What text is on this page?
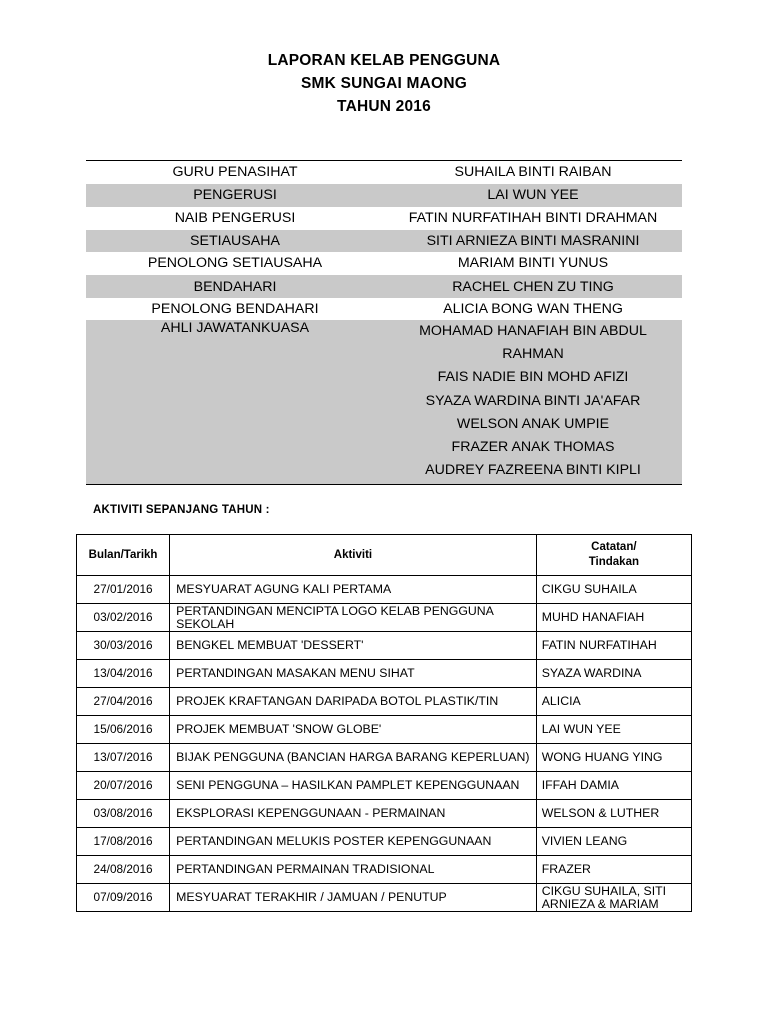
LAPORAN KELAB PENGGUNA
SMK SUNGAI MAONG
TAHUN 2016
GURU PENASIHAT	SUHAILA BINTI RAIBAN
PENGERUSI	LAI WUN YEE
NAIB PENGERUSI	FATIN NURFATIHAH BINTI DRAHMAN
SETIAUSAHA	SITI ARNIEZA BINTI MASRANINI
PENOLONG SETIAUSAHA	MARIAM BINTI YUNUS
BENDAHARI	RACHEL CHEN ZU TING
PENOLONG BENDAHARI	ALICIA BONG WAN THENG
AHLI JAWATANKUASA	MOHAMAD HANAFIAH BIN ABDUL
RAHMAN
FAIS NADIE BIN MOHD AFIZI
SYAZA WARDINA BINTI JA'AFAR
WELSON ANAK UMPIE
FRAZER ANAK THOMAS
AUDREY FAZREENA BINTI KIPLI
AKTIVITI SEPANJANG TAHUN :
Bulan/Tarikh	Aktiviti	Catatan/
Tindakan
27/01/2016	MESYUARAT AGUNG KALI PERTAMA	CIKGU SUHAILA
03/02/2016	PERTANDINGAN MENCIPTA LOGO KELAB PENGGUNA SEKOLAH	MUHD HANAFIAH
30/03/2016	BENGKEL MEMBUAT 'DESSERT'	FATIN NURFATIHAH
13/04/2016	PERTANDINGAN MASAKAN MENU SIHAT	SYAZA WARDINA
27/04/2016	PROJEK KRAFTANGAN DARIPADA BOTOL PLASTIK/TIN	ALICIA
15/06/2016	PROJEK MEMBUAT 'SNOW GLOBE'	LAI WUN YEE
13/07/2016	BIJAK PENGGUNA (BANCIAN HARGA BARANG KEPERLUAN)	WONG HUANG YING
20/07/2016	SENI PENGGUNA – HASILKAN PAMPLET KEPENGGUNAAN	IFFAH DAMIA
03/08/2016	EKSPLORASI KEPENGGUNAAN - PERMAINAN	WELSON & LUTHER
17/08/2016	PERTANDINGAN MELUKIS POSTER KEPENGGUNAAN	VIVIEN LEANG
24/08/2016	PERTANDINGAN PERMAINAN TRADISIONAL	FRAZER
07/09/2016	MESYUARAT TERAKHIR / JAMUAN / PENUTUP	CIKGU SUHAILA, SITI ARNIEZA & MARIAM
